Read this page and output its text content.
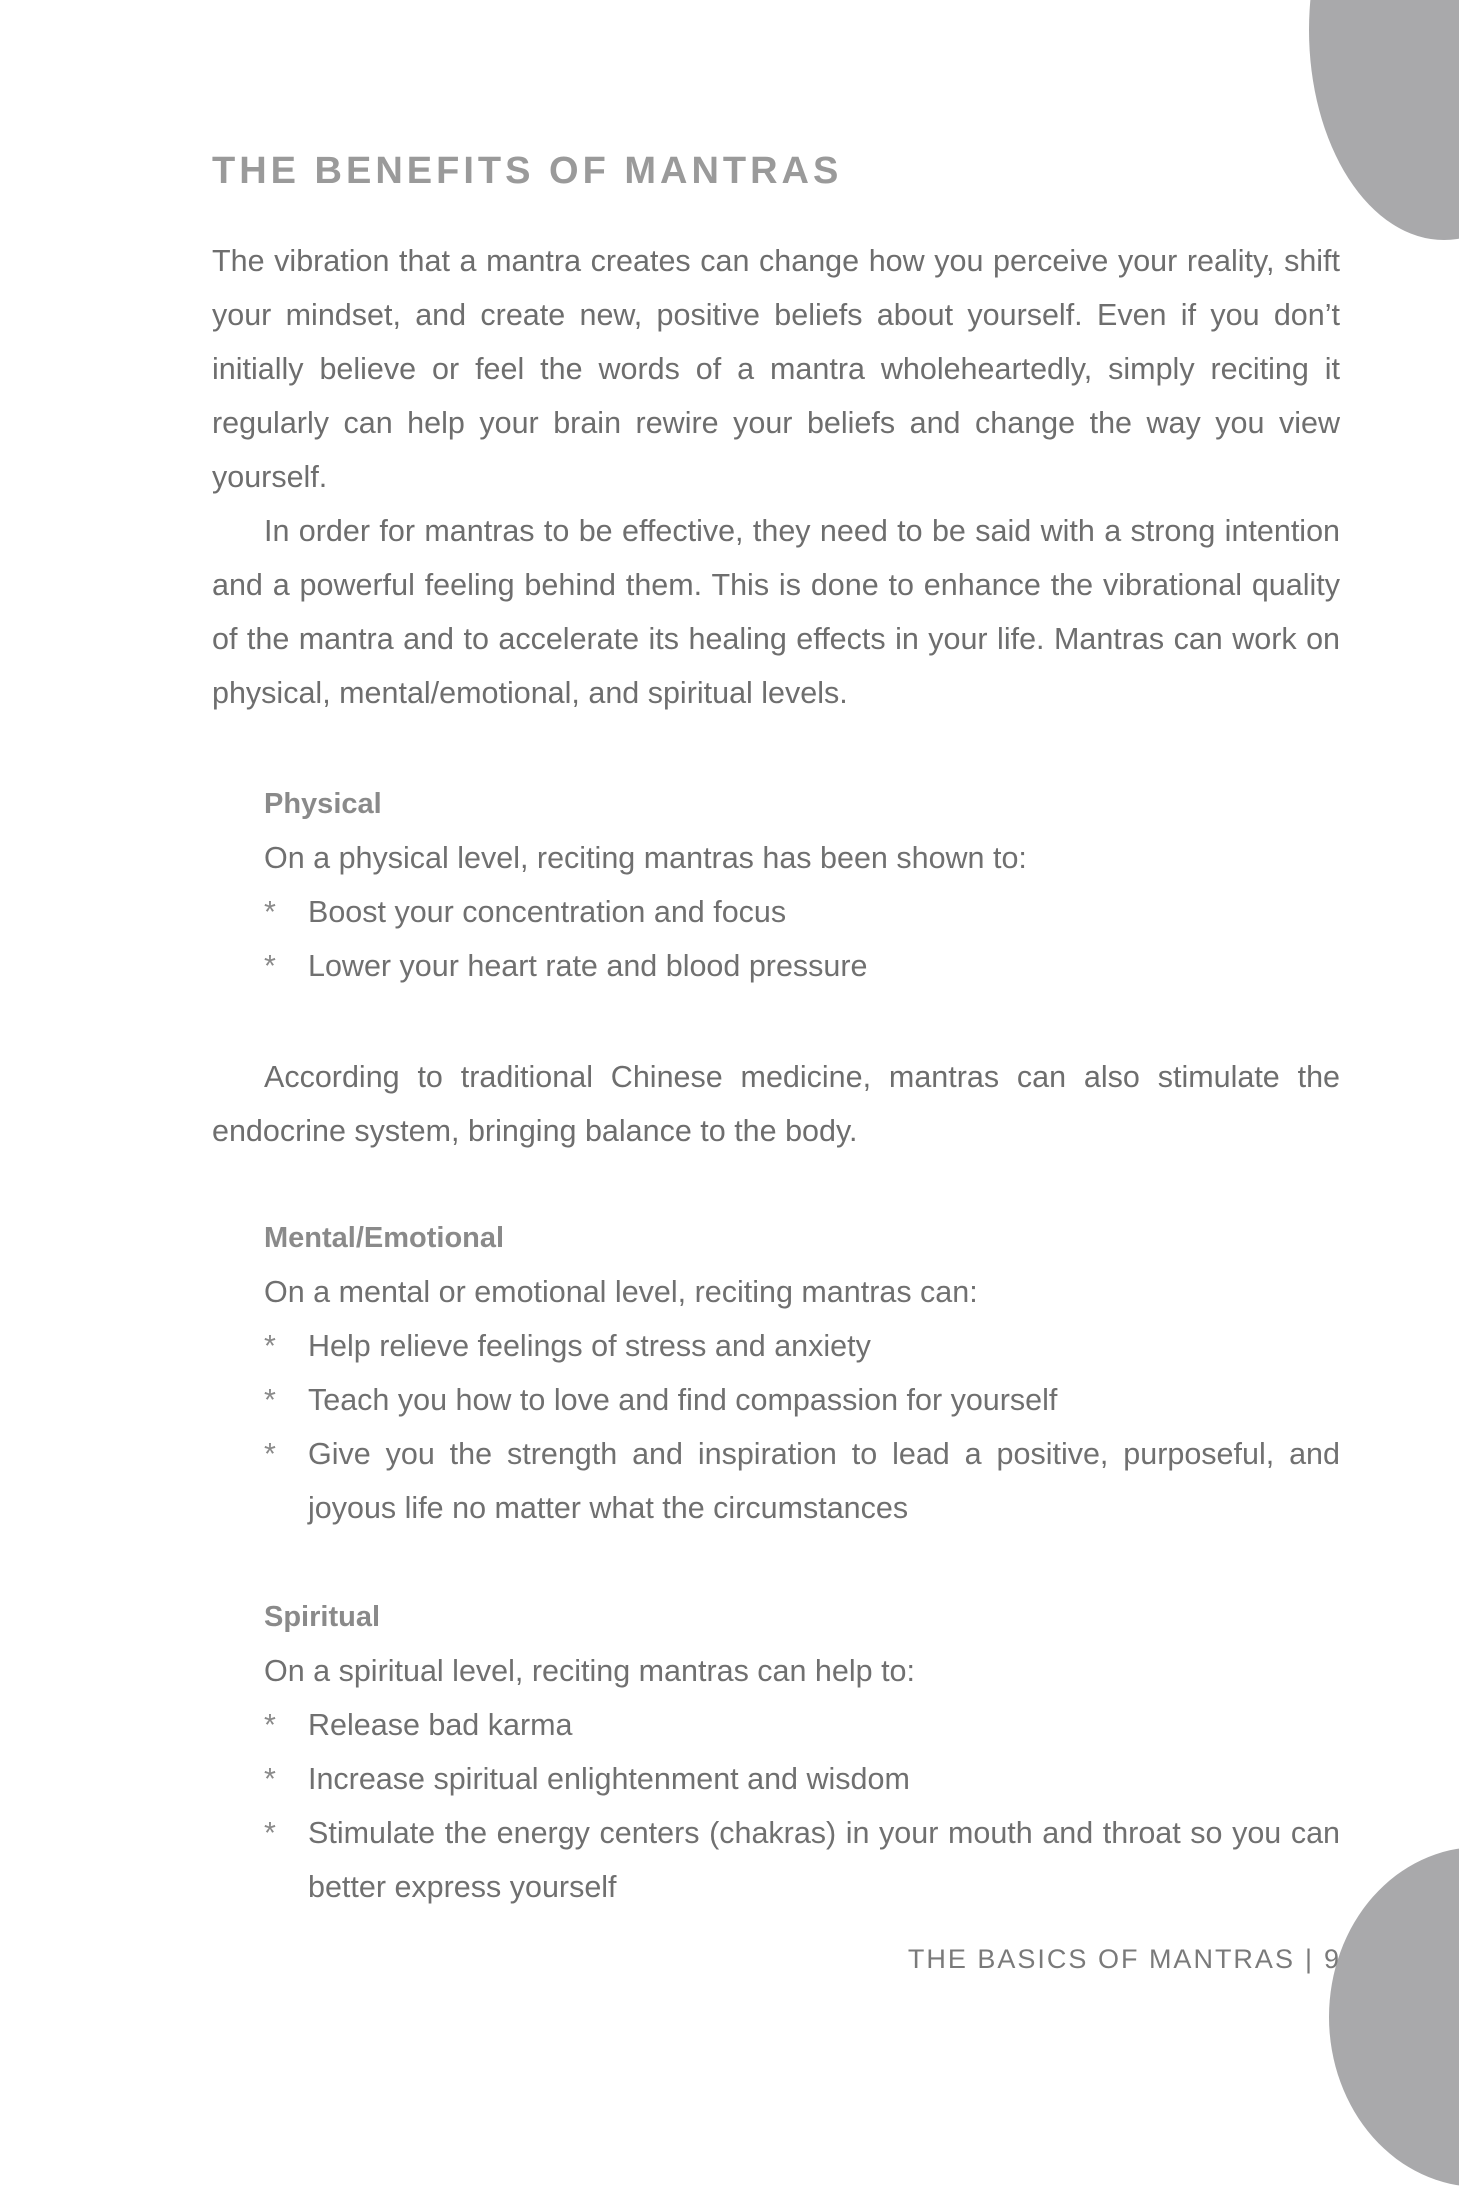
THE BENEFITS OF MANTRAS

The vibration that a mantra creates can change how you perceive your reality, shift your mindset, and create new, positive beliefs about yourself. Even if you don’t initially believe or feel the words of a mantra wholeheartedly, simply reciting it regularly can help your brain rewire your beliefs and change the way you view yourself.

In order for mantras to be effective, they need to be said with a strong intention and a powerful feeling behind them. This is done to enhance the vibrational quality of the mantra and to accelerate its healing effects in your life. Mantras can work on physical, mental/emotional, and spiritual levels.

Physical

On a physical level, reciting mantras has been shown to:

* Boost your concentration and focus
* Lower your heart rate and blood pressure

According to traditional Chinese medicine, mantras can also stimulate the endocrine system, bringing balance to the body.

Mental/Emotional

On a mental or emotional level, reciting mantras can:

* Help relieve feelings of stress and anxiety
* Teach you how to love and find compassion for yourself
* Give you the strength and inspiration to lead a positive, purposeful, and joyous life no matter what the circumstances
Spiritual

On a spiritual level, reciting mantras can help to:

* Release bad karma
* Increase spiritual enlightenment and wisdom
* Stimulate the energy centers (chakras) in your mouth and throat so you can better express yourself
THE BASICS OF MANTRAS | 9
